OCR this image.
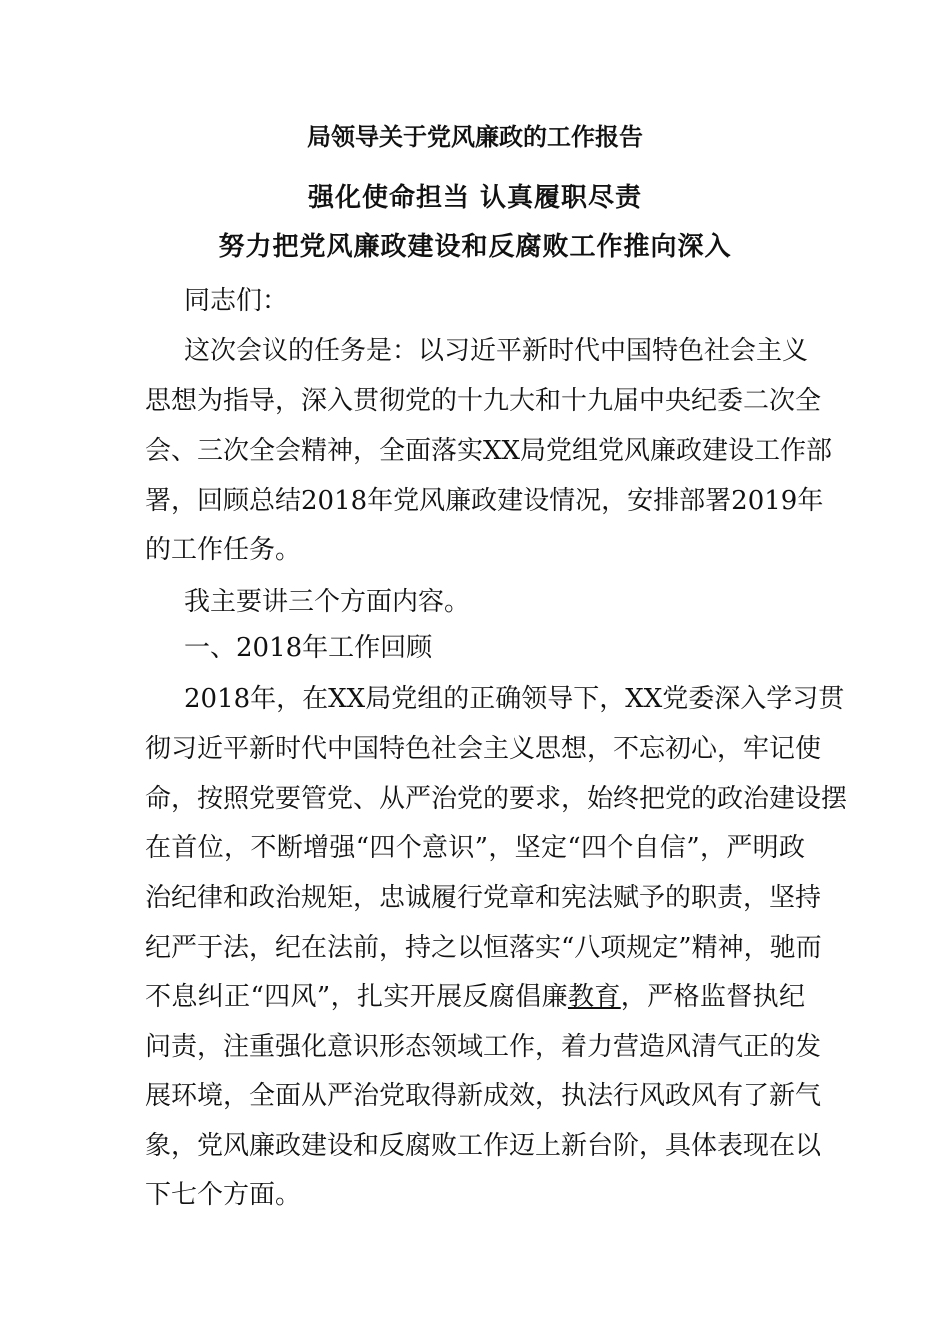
局领导关于党风廉政的工作报告
强化使命担当 认真履职尽责
努力把党风廉政建设和反腐败工作推向深入
同志们：
这次会议的任务是：以习近平新时代中国特色社会主义
思想为指导，深入贯彻党的十九大和十九届中央纪委二次全
会、三次全会精神，全面落实XX局党组党风廉政建设工作部
署，回顾总结2018年党风廉政建设情况，安排部署2019年
的工作任务。
我主要讲三个方面内容。
一、2018年工作回顾
2018年，在XX局党组的正确领导下，XX党委深入学习贯
彻习近平新时代中国特色社会主义思想，不忘初心，牢记使
命，按照党要管党、从严治党的要求，始终把党的政治建设摆
在首位，不断增强“四个意识”，坚定“四个自信”，严明政
治纪律和政治规矩，忠诚履行党章和宪法赋予的职责，坚持
纪严于法，纪在法前，持之以恒落实“八项规定”精神，驰而
不息纠正“四风”，扎实开展反腐倡廉教育，严格监督执纪
问责，注重强化意识形态领域工作，着力营造风清气正的发
展环境，全面从严治党取得新成效，执法行风政风有了新气
象，党风廉政建设和反腐败工作迈上新台阶，具体表现在以
下七个方面。
